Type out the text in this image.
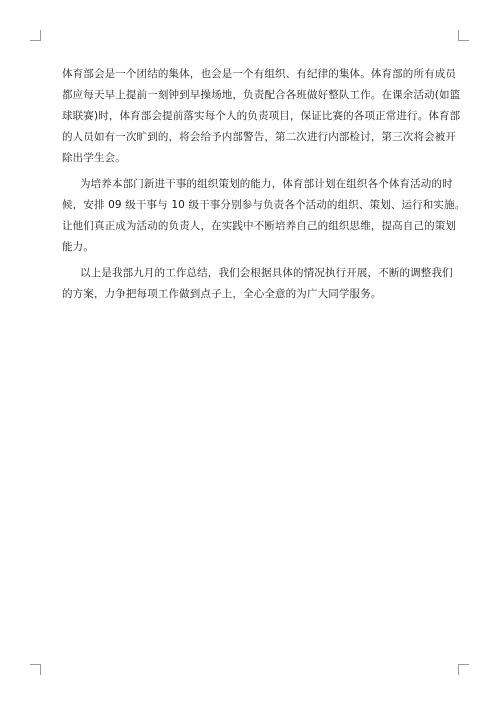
体育部会是一个团结的集体，也会是一个有组织、有纪律的集体。体育部的所有成员
都应每天早上提前一刻钟到早操场地，负责配合各班做好整队工作。在课余活动(如篮
球联赛)时，体育部会提前落实每个人的负责项目，保证比赛的各项正常进行。体育部
的人员如有一次旷到的，将会给予内部警告，第二次进行内部检讨，第三次将会被开
除出学生会。
为培养本部门新进干事的组织策划的能力，体育部计划在组织各个体育活动的时
候，安排 09 级干事与 10 级干事分别参与负责各个活动的组织、策划、运行和实施。
让他们真正成为活动的负责人，在实践中不断培养自己的组织思维，提高自己的策划
能力。
以上是我部九月的工作总结，我们会根据具体的情况执行开展，不断的调整我们
的方案，力争把每项工作做到点子上，全心全意的为广大同学服务。
